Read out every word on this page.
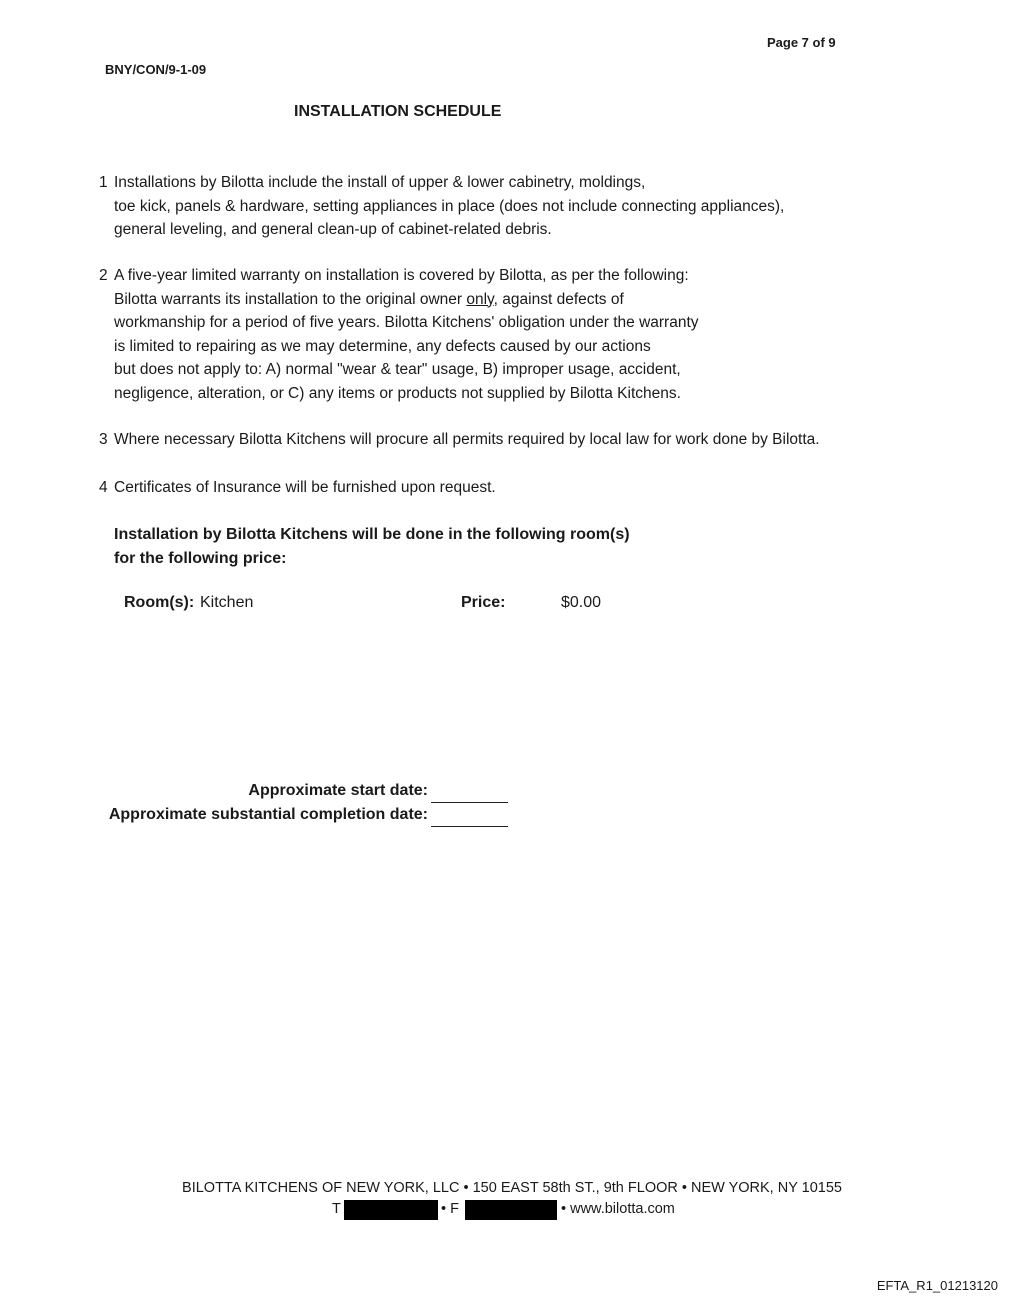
Page 7 of 9
BNY/CON/9-1-09
INSTALLATION SCHEDULE
1 Installations by Bilotta include the install of upper & lower cabinetry, moldings,
toe kick, panels & hardware, setting appliances in place (does not include connecting appliances),
general leveling, and general clean-up of cabinet-related debris.
2 A five-year limited warranty on installation is covered by Bilotta, as per the following:
Bilotta warrants its installation to the original owner only, against defects of
workmanship for a period of five years. Bilotta Kitchens' obligation under the warranty
is limited to repairing as we may determine, any defects caused by our actions
but does not apply to: A) normal "wear & tear" usage, B) improper usage, accident,
negligence, alteration, or C) any items or products not supplied by Bilotta Kitchens.
3 Where necessary Bilotta Kitchens will procure all permits required by local law for work done by Bilotta.
4 Certificates of Insurance will be furnished upon request.
Installation by Bilotta Kitchens will be done in the following room(s)
for the following price:
Room(s): Kitchen	Price:	$0.00
Approximate start date:
Approximate substantial completion date:
BILOTTA KITCHENS OF NEW YORK, LLC • 150 EAST 58th ST., 9th FLOOR • NEW YORK, NY 10155
T	• F	• www.bilotta.com
EFTA_R1_01213120
